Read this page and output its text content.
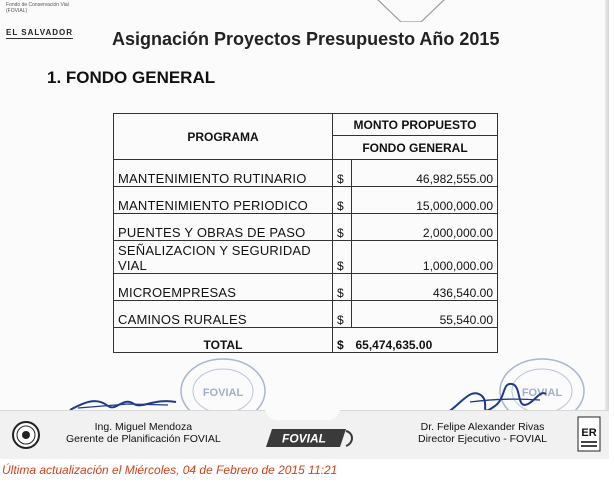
Fondo de Conservación Vial (FOVIAL)
EL SALVADOR Asignación Proyectos Presupuesto Año 2015
1. FONDO GENERAL
PROGRAMA	MONTO PROPUESTO	
	FONDO GENERAL	
MANTENIMIENTO RUTINARIO	$	46,982,555.00
MANTENIMIENTO PERIODICO	$	15,000,000.00
PUENTES Y OBRAS DE PASO	$	2,000,000.00
SEÑALIZACION Y SEGURIDAD VIAL	$	1,000,000.00
MICROEMPRESAS	$	436,540.00
CAMINOS RURALES	$	55,540.00
TOTAL	$	65,474,635.00
FOVIAL	FOVIAL
Ing. Miguel Mendoza
Gerente de Planificación FOVIAL	FOVIAL
Dr. Felipe Alexander Rivas
Director Ejecutivo - FOVIAL	ER
Última actualización el Miércoles, 04 de Febrero de 2015 11:21
